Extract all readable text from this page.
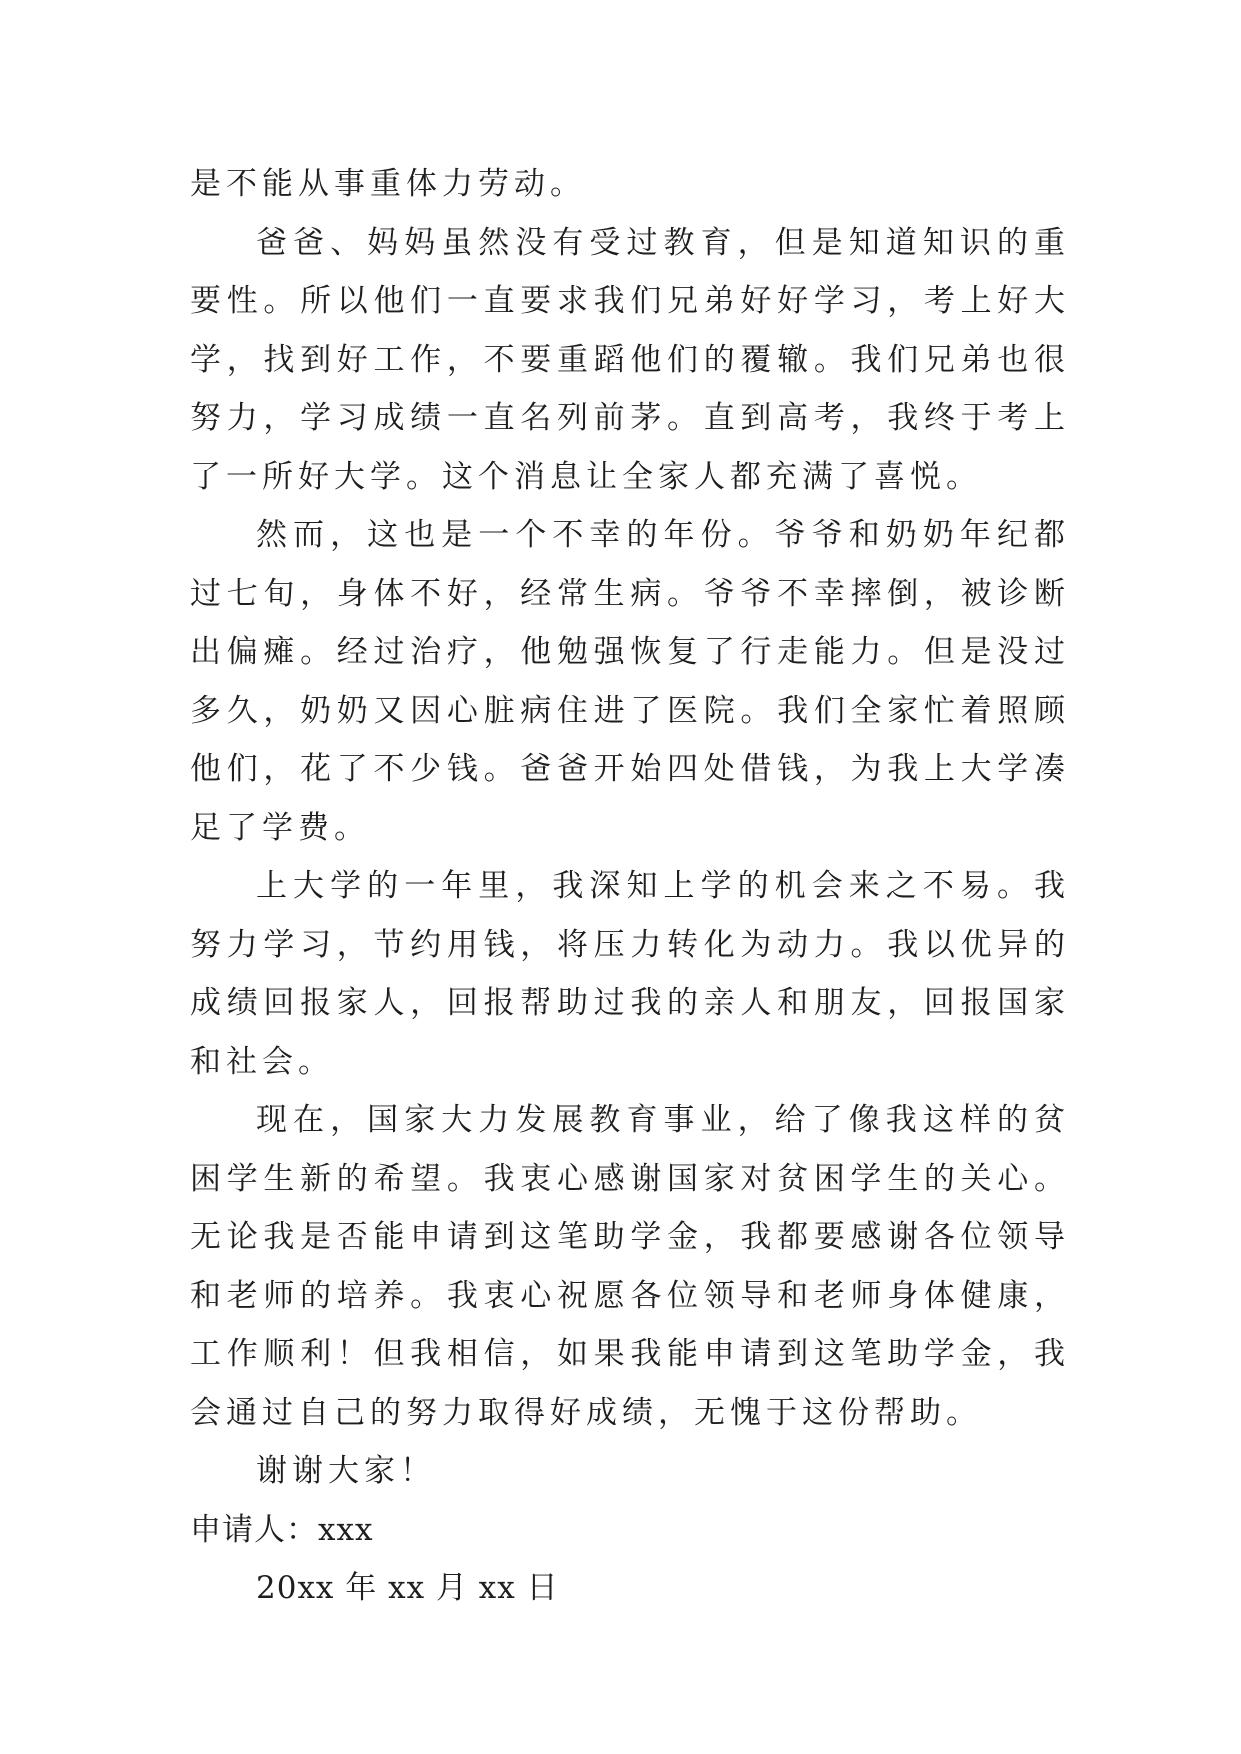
是不能从事重体力劳动。

爸爸、妈妈虽然没有受过教育，但是知道知识的重要性。所以他们一直要求我们兄弟好好学习，考上好大学，找到好工作，不要重蹈他们的覆辙。我们兄弟也很努力，学习成绩一直名列前茅。直到高考，我终于考上了一所好大学。这个消息让全家人都充满了喜悦。

然而，这也是一个不幸的年份。爷爷和奶奶年纪都过七旬，身体不好，经常生病。爷爷不幸摔倒，被诊断出偏瘫。经过治疗，他勉强恢复了行走能力。但是没过多久，奶奶又因心脏病住进了医院。我们全家忙着照顾他们，花了不少钱。爸爸开始四处借钱，为我上大学凑足了学费。

上大学的一年里，我深知上学的机会来之不易。我努力学习，节约用钱，将压力转化为动力。我以优异的成绩回报家人，回报帮助过我的亲人和朋友，回报国家和社会。

现在，国家大力发展教育事业，给了像我这样的贫困学生新的希望。我衷心感谢国家对贫困学生的关心。无论我是否能申请到这笔助学金，我都要感谢各位领导和老师的培养。我衷心祝愿各位领导和老师身体健康，工作顺利！但我相信，如果我能申请到这笔助学金，我会通过自己的努力取得好成绩，无愧于这份帮助。

谢谢大家！

申请人：xxx

20xx 年 xx 月 xx 日
